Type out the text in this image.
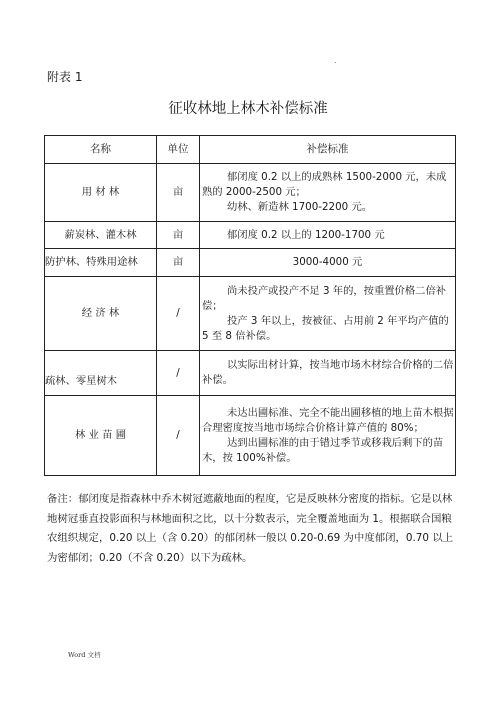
.
附表 1
征收林地上林木补偿标准
名称	单位	补偿标准
用 材 林	亩	郁闭度 0.2 以上的成熟林 1500-2000 元，未成熟的 2000-2500 元；
幼林、新造林 1700-2200 元。

薪炭林、灌木林	亩	郁闭度 0.2 以上的 1200-1700 元

防护林、特殊用途林	亩	3000-4000 元
经 济 林	/	尚未投产或投产不足 3 年的，按重置价格二倍补偿；
投产 3 年以上，按被征、占用前 2 年平均产值的 5 至 8 倍补偿。

疏林、零星树木	/	以实际出材计算，按当地市场木材综合价格的二倍补偿。

林 业 苗 圃	/	未达出圃标准、完全不能出圃移植的地上苗木根据合理密度按当地市场综合价格计算产值的 80%；
达到出圃标准的由于错过季节或移栽后剩下的苗木，按 100%补偿。

备注：郁闭度是指森林中乔木树冠遮蔽地面的程度，它是反映林分密度的指标。它是以林地树冠垂直投影面积与林地面积之比，以十分数表示，完全覆盖地面为 1。根据联合国粮农组织规定，0.20 以上（含 0.20）的郁闭林一般以 0.20-0.69 为中度郁闭，0.70 以上为密郁闭；0.20（不含 0.20）以下为疏林。

Word 文档
